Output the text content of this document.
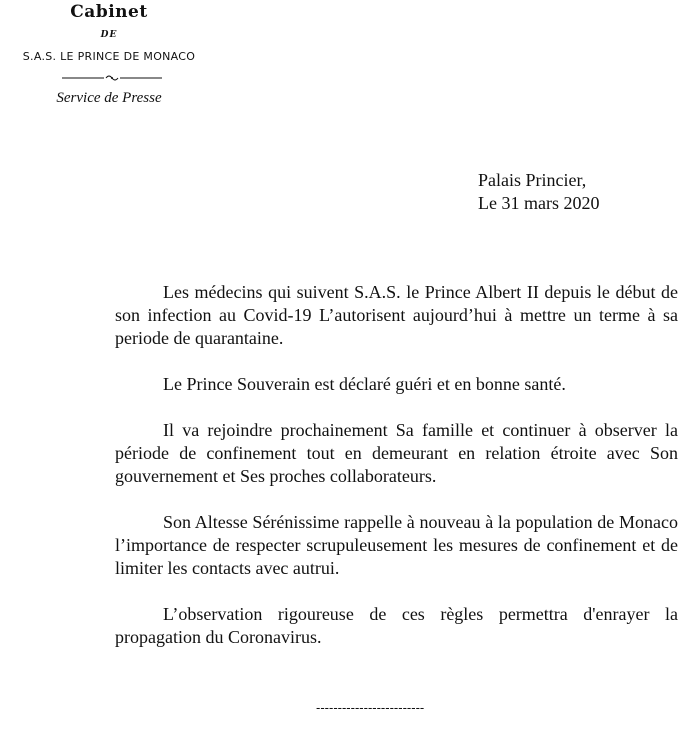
Cabinet
DE
S.A.S. LE PRINCE DE MONACO
Service de Presse
Palais Princier,
Le 31 mars 2020

Les médecins qui suivent S.A.S. le Prince Albert II depuis le début de son infection au Covid-19 L’autorisent aujourd’hui à mettre un terme à sa periode de quarantaine.

Le Prince Souverain est déclaré guéri et en bonne santé.

Il va rejoindre prochainement Sa famille et continuer à observer la période de confinement tout en demeurant en relation étroite avec Son gouvernement et Ses proches collaborateurs.

Son Altesse Sérénissime rappelle à nouveau à la population de Monaco l’importance de respecter scrupuleusement les mesures de confinement et de limiter les contacts avec autrui.

L’observation rigoureuse de ces règles permettra d'enrayer la propagation du Coronavirus.

-------------------------
